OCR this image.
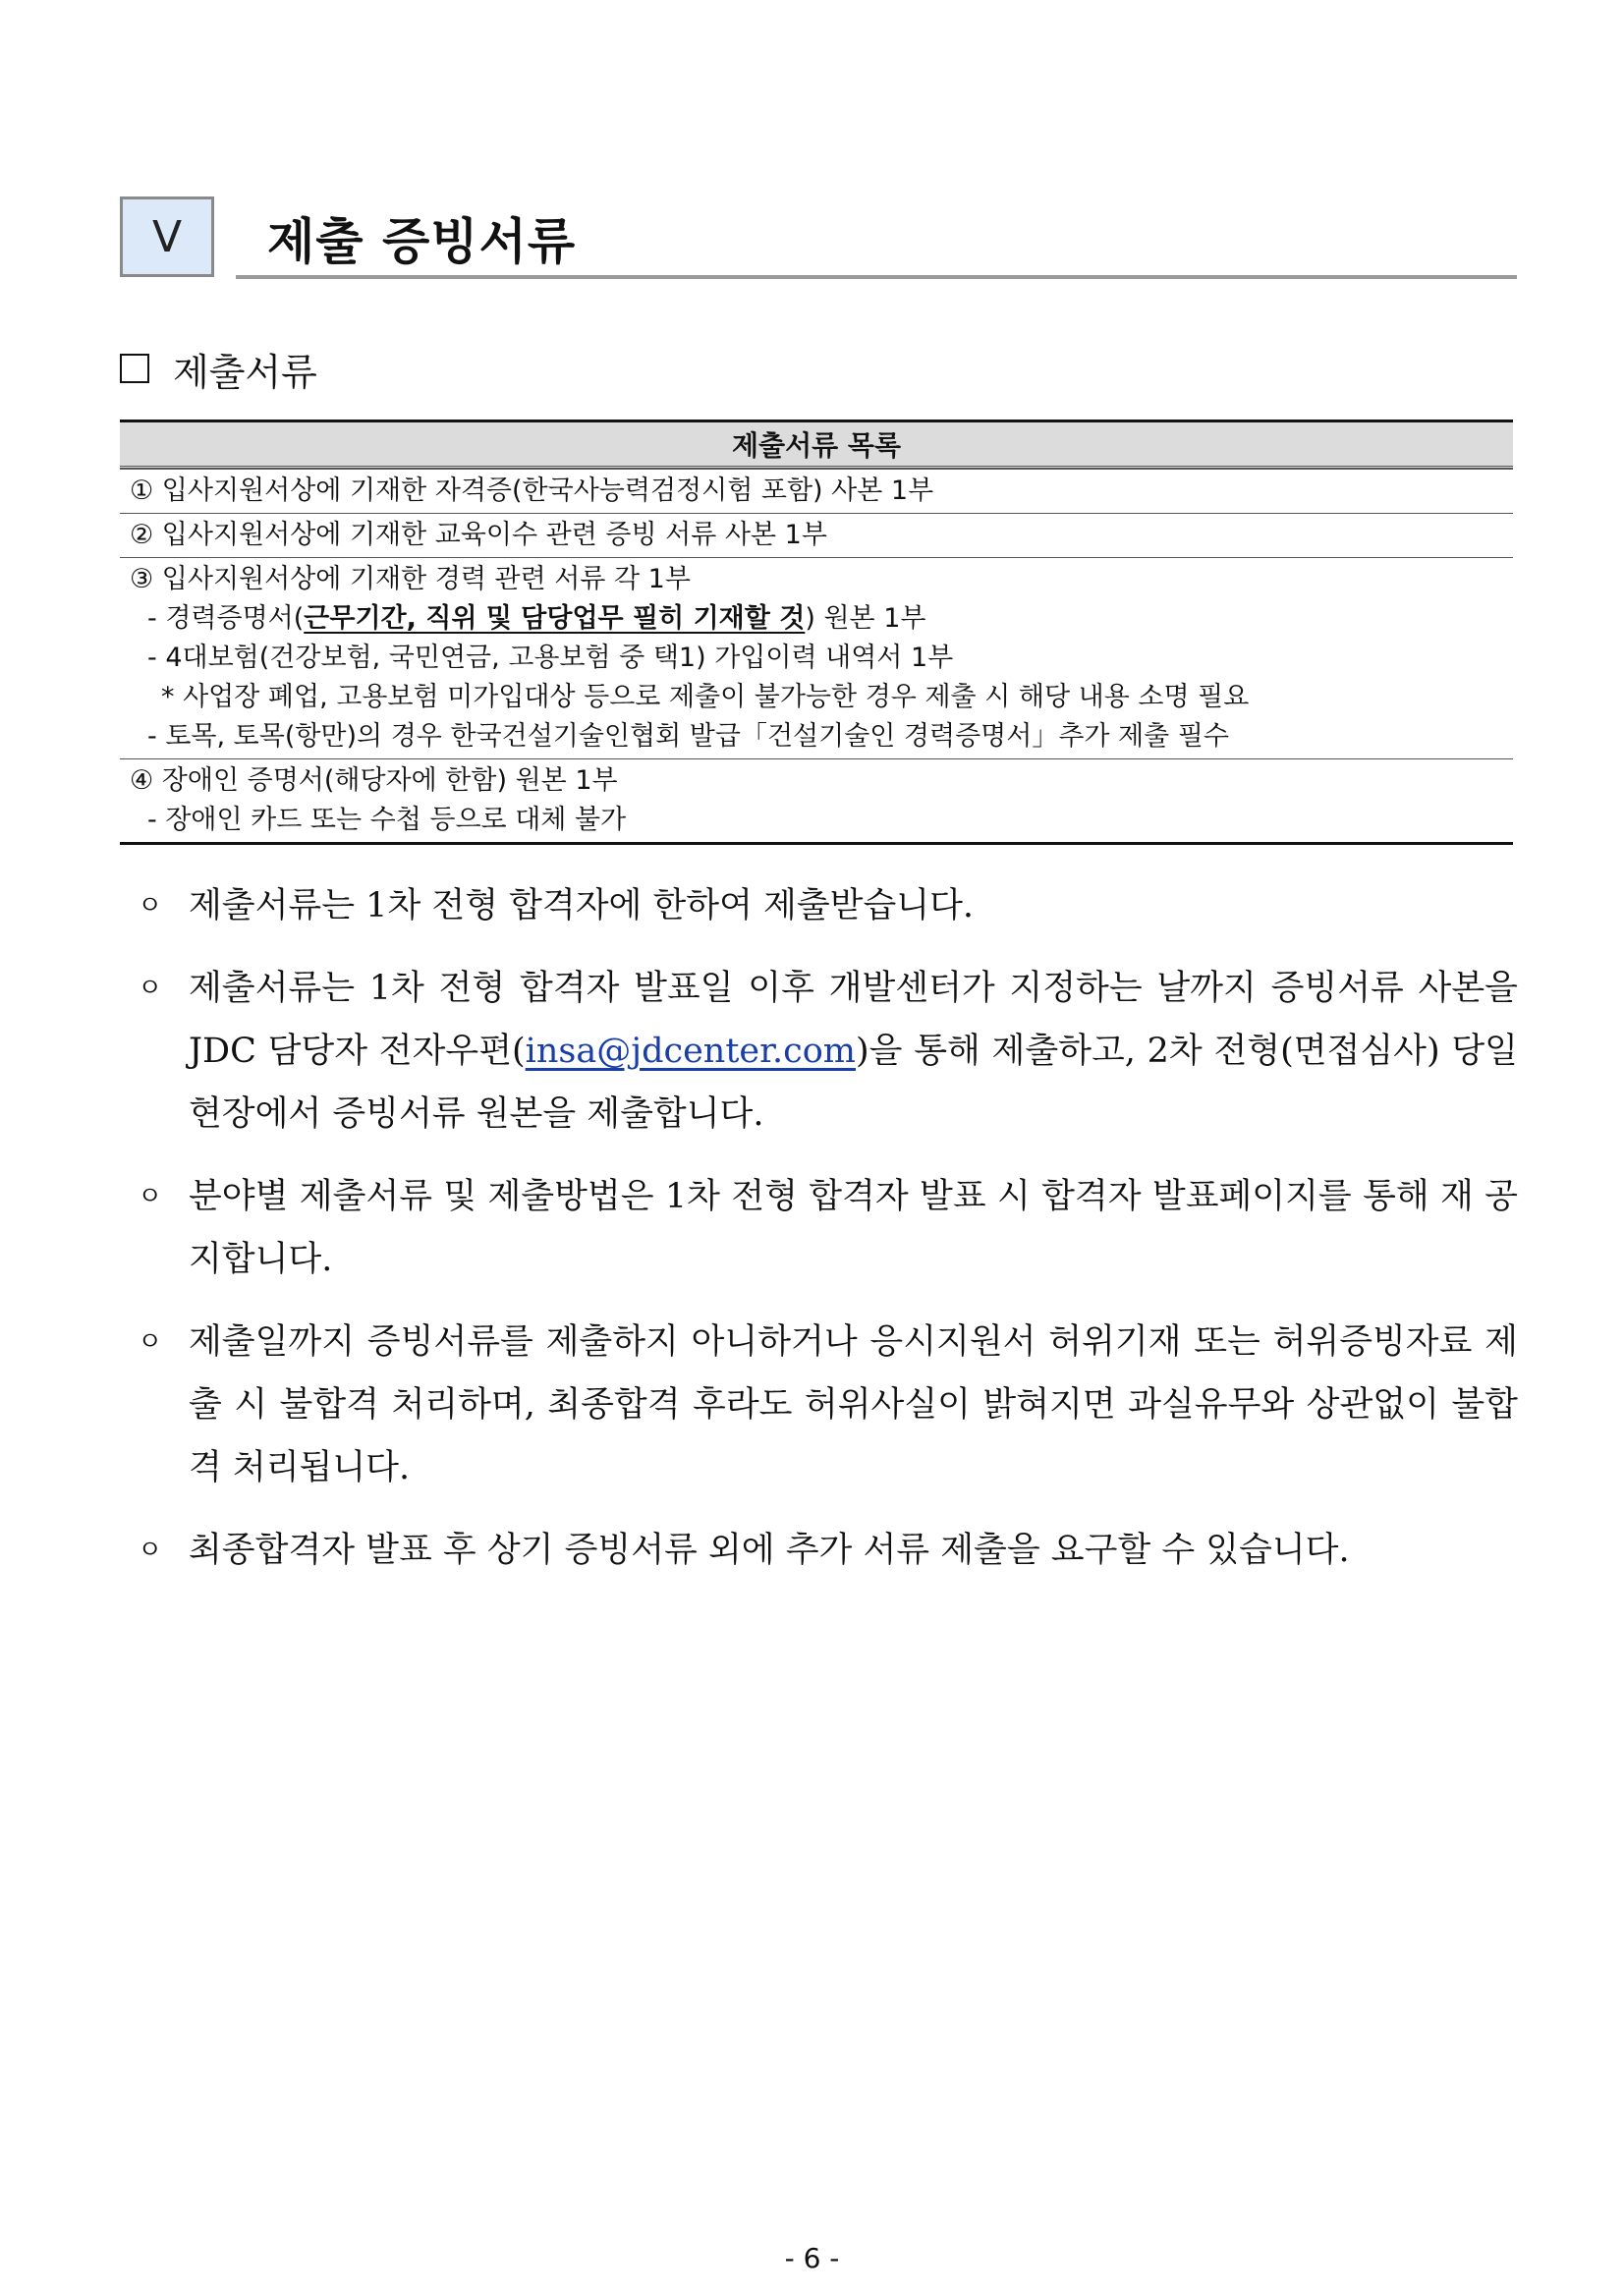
Ⅴ 제출 증빙서류
제출서류
제출서류 목록
① 입사지원서상에 기재한 자격증(한국사능력검정시험 포함) 사본 1부
② 입사지원서상에 기재한 교육이수 관련 증빙 서류 사본 1부
③ 입사지원서상에 기재한 경력 관련 서류 각 1부
- 경력증명서(근무기간, 직위 및 담당업무 필히 기재할 것) 원본 1부
- 4대보험(건강보험, 국민연금, 고용보험 중 택1) 가입이력 내역서 1부
* 사업장 폐업, 고용보험 미가입대상 등으로 제출이 불가능한 경우 제출 시 해당 내용 소명 필요
- 토목, 토목(항만)의 경우 한국건설기술인협회 발급「건설기술인 경력증명서」추가 제출 필수
④ 장애인 증명서(해당자에 한함) 원본 1부
- 장애인 카드 또는 수첩 등으로 대체 불가
ㅇ 제출서류는 1차 전형 합격자에 한하여 제출받습니다.
ㅇ 제출서류는 1차 전형 합격자 발표일 이후 개발센터가 지정하는 날까지 증빙서류 사본을 JDC 담당자 전자우편(insa@jdcenter.com)을 통해 제출하고, 2차 전형(면접심사) 당일 현장에서 증빙서류 원본을 제출합니다.
ㅇ 분야별 제출서류 및 제출방법은 1차 전형 합격자 발표 시 합격자 발표페이지를 통해 재 공지합니다.
ㅇ 제출일까지 증빙서류를 제출하지 아니하거나 응시지원서 허위기재 또는 허위증빙자료 제출 시 불합격 처리하며, 최종합격 후라도 허위사실이 밝혀지면 과실유무와 상관없이 불합격 처리됩니다.
ㅇ 최종합격자 발표 후 상기 증빙서류 외에 추가 서류 제출을 요구할 수 있습니다.
- 6 -
